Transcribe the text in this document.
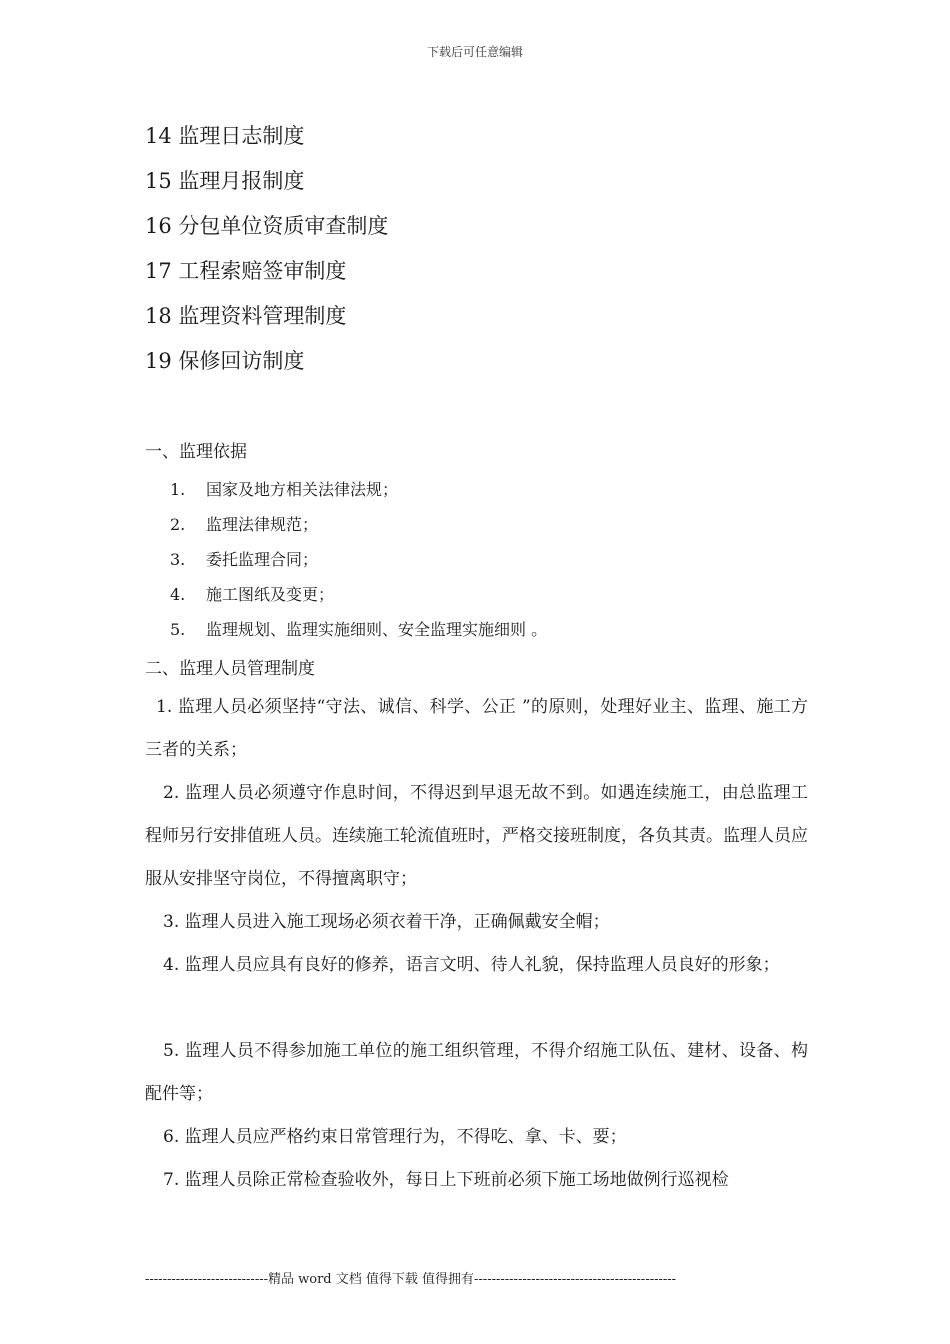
下载后可任意编辑
14 监理日志制度
15 监理月报制度
16 分包单位资质审查制度
17 工程索赔签审制度
18 监理资料管理制度
19 保修回访制度
一、监理依据
1. 国家及地方相关法律法规；
2. 监理法律规范；
3. 委托监理合同；
4. 施工图纸及变更；
5. 监理规划、监理实施细则、安全监理实施细则 。
二、监理人员管理制度
1. 监理人员必须坚持“守法、诚信、科学、公正 ”的原则，处理好业主、监理、施工方三者的关系；
2. 监理人员必须遵守作息时间，不得迟到早退无故不到。如遇连续施工，由总监理工程师另行安排值班人员。连续施工轮流值班时，严格交接班制度，各负其责。监理人员应服从安排坚守岗位，不得擅离职守；
3. 监理人员进入施工现场必须衣着干净，正确佩戴安全帽；
4. 监理人员应具有良好的修养，语言文明、待人礼貌，保持监理人员良好的形象；
5. 监理人员不得参加施工单位的施工组织管理，不得介绍施工队伍、建材、设备、构配件等；
6. 监理人员应严格约束日常管理行为，不得吃、拿、卡、要；
7. 监理人员除正常检查验收外，每日上下班前必须下施工场地做例行巡视检
----------------------------精品 word 文档 值得下载 值得拥有----------------------------------------------
